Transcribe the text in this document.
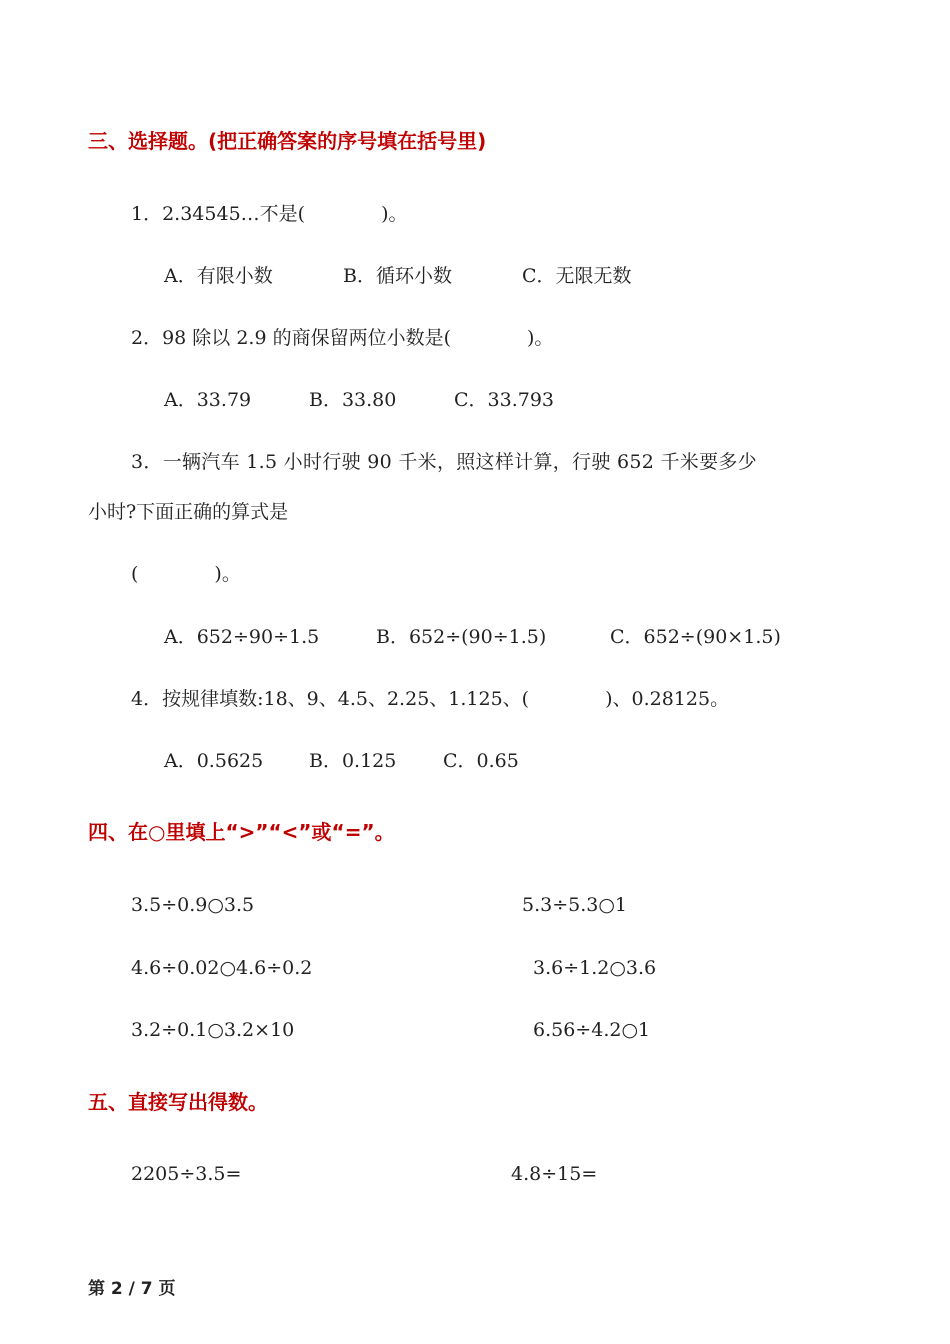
三、选择题。(把正确答案的序号填在括号里)
1．2.34545…不是(　　　　)。
A．有限小数	B．循环小数	C．无限无数
2．98 除以 2.9 的商保留两位小数是(　　　　)。
A．33.79	B．33.80	C．33.793
3．一辆汽车 1.5 小时行驶 90 千米，照这样计算，行驶 652 千米要多少
小时?下面正确的算式是
(　　　　)。
A．652÷90÷1.5	B．652÷(90÷1.5)	C．652÷(90×1.5)
4．按规律填数:18、9、4.5、2.25、1.125、(　　　　)、0.28125。
A．0.5625 B．0.125 C．0.65
四、在○里填上“>”“<”或“=”。
3.5÷0.9○3.5	5.3÷5.3○1
4.6÷0.02○4.6÷0.2	3.6÷1.2○3.6
3.2÷0.1○3.2×10	6.56÷4.2○1
五、直接写出得数。
2205÷3.5=	4.8÷15=
第 2 / 7 页
